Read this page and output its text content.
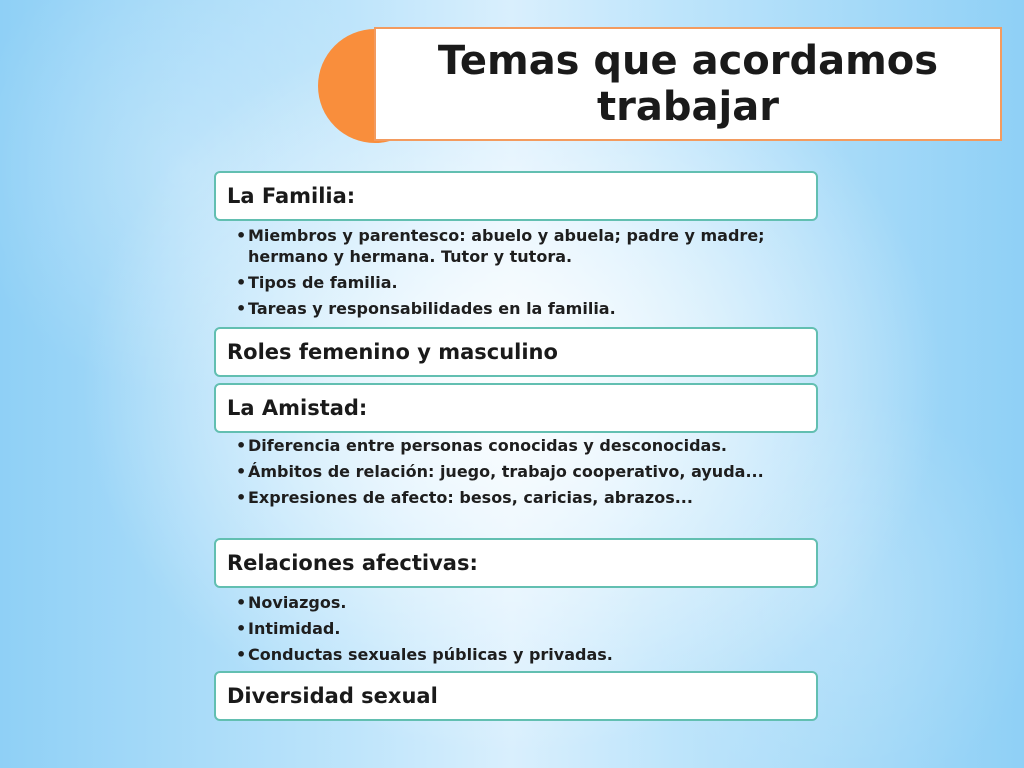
Temas que acordamos trabajar
La Familia:
• Miembros y parentesco: abuelo y abuela; padre y madre; hermano y hermana. Tutor y tutora.
• Tipos de familia.
• Tareas y responsabilidades en la familia.
Roles femenino y masculino
La Amistad:
• Diferencia entre personas conocidas y desconocidas.
• Ámbitos de relación: juego, trabajo cooperativo, ayuda...
• Expresiones de afecto: besos, caricias, abrazos...
Relaciones afectivas:
• Noviazgos.
• Intimidad.
• Conductas sexuales públicas y privadas.
Diversidad sexual
